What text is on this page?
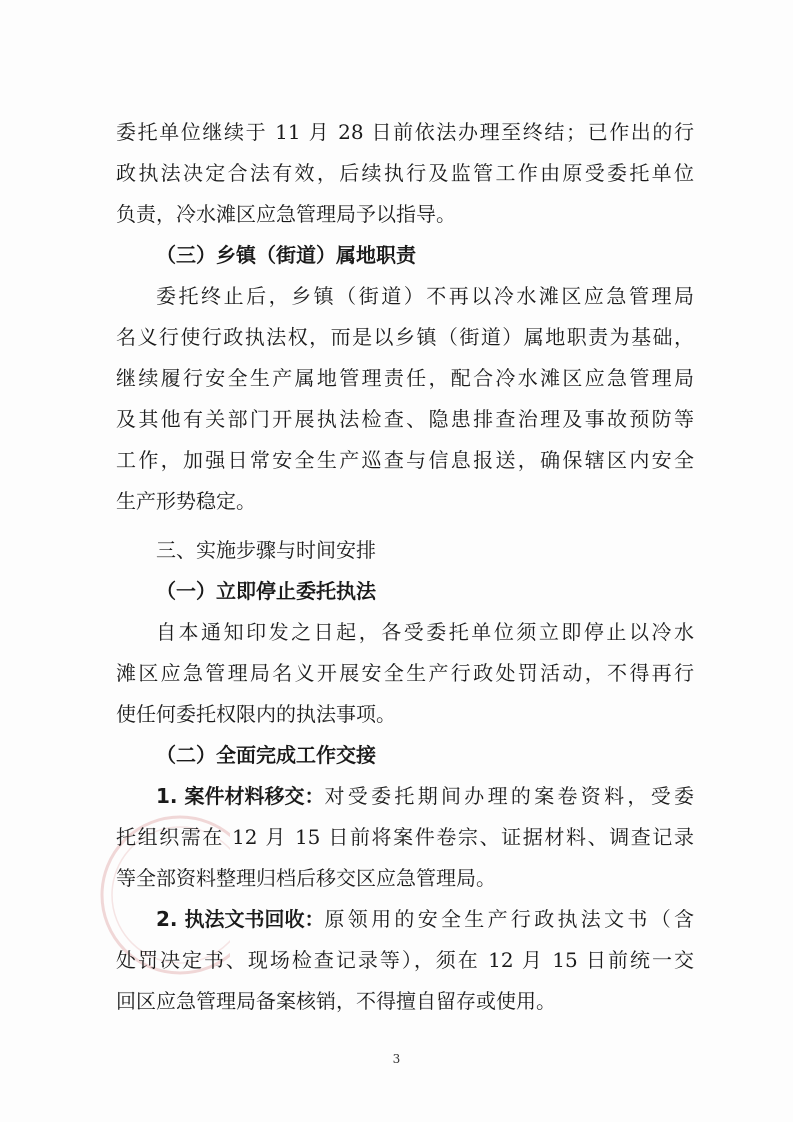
委托单位继续于 11 月 28 日前依法办理至终结；已作出的行
政执法决定合法有效，后续执行及监管工作由原受委托单位
负责，冷水滩区应急管理局予以指导。
（三）乡镇（街道）属地职责
委托终止后，乡镇（街道）不再以冷水滩区应急管理局
名义行使行政执法权，而是以乡镇（街道）属地职责为基础，
继续履行安全生产属地管理责任，配合冷水滩区应急管理局
及其他有关部门开展执法检查、隐患排查治理及事故预防等
工作，加强日常安全生产巡查与信息报送，确保辖区内安全
生产形势稳定。
三、实施步骤与时间安排
（一）立即停止委托执法
自本通知印发之日起，各受委托单位须立即停止以冷水
滩区应急管理局名义开展安全生产行政处罚活动，不得再行
使任何委托权限内的执法事项。
（二）全面完成工作交接
1. 案件材料移交： 对受委托期间办理的案卷资料，受委
托组织需在 12 月 15 日前将案件卷宗、证据材料、调查记录
等全部资料整理归档后移交区应急管理局。
2. 执法文书回收： 原领用的安全生产行政执法文书（含
处罚决定书、现场检查记录等），须在 12 月 15 日前统一交
回区应急管理局备案核销，不得擅自留存或使用。
3
